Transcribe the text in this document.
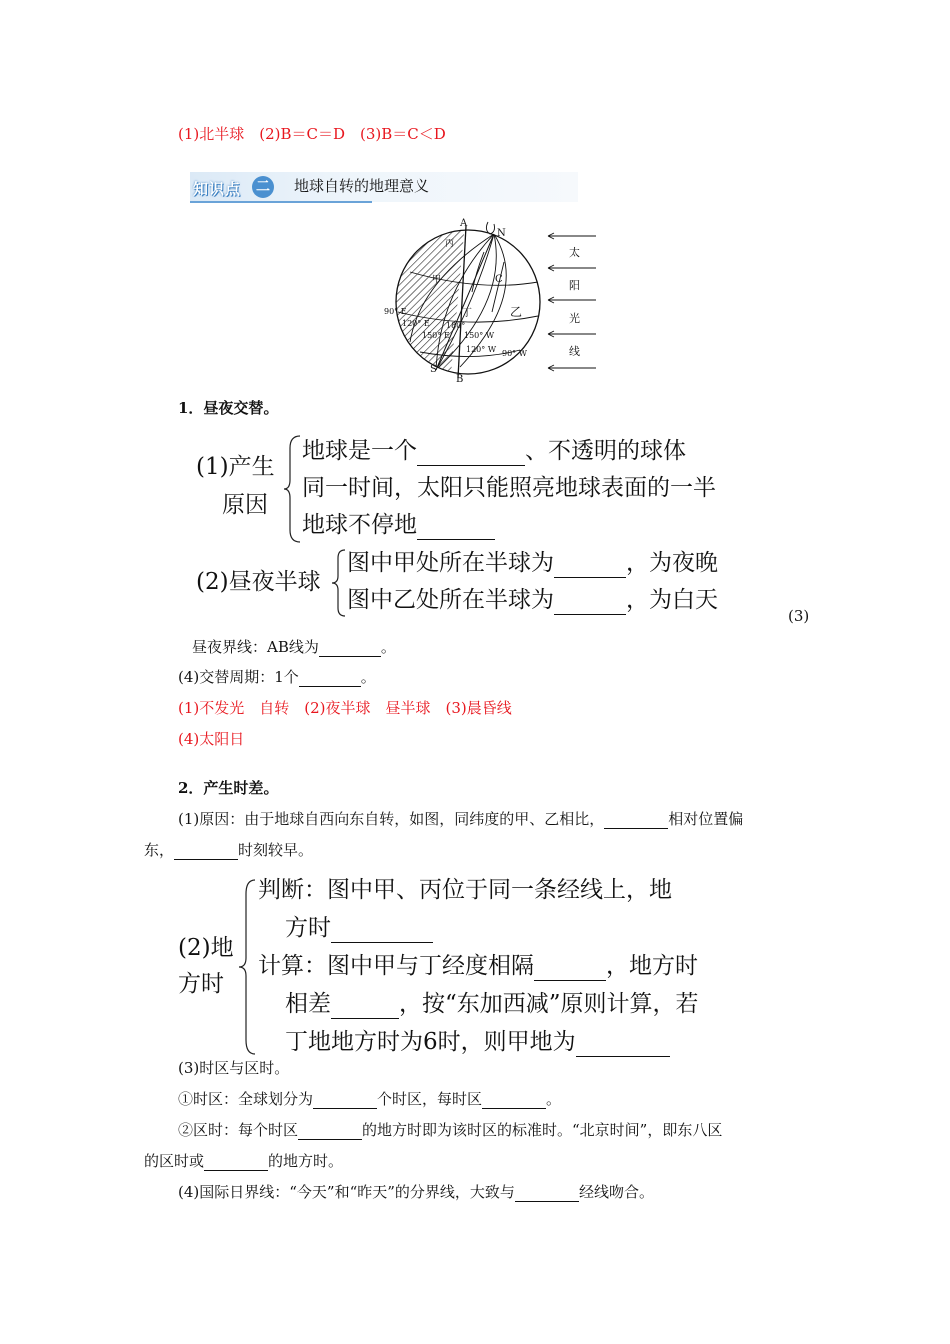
(1)北半球　(2)B＝C＝D　(3)B＝C＜D
知识点 二 地球自转的地理意义
A
N
C
S
B
丙
甲
丁	乙
90° E
120° E
150° E
180°
150° W
120° W 90° W
太
阳
光
线
1．昼夜交替。
(1)产生
原因
地球是一个	、不透明的球体
同一时间，太阳只能照亮地球表面的一半
地球不停地
(2)昼夜半球
图中甲处所在半球为	，为夜晚
图中乙处所在半球为	，为白天
(3)
昼夜界线：AB线为	。
(4)交替周期：1个	。
(1)不发光　自转　(2)夜半球　昼半球　(3)晨昏线
(4)太阳日
2．产生时差。
(1)原因：由于地球自西向东自转，如图，同纬度的甲、乙相比，	相对位置偏
东，	时刻较早。
(2)地
方时
判断：图中甲、丙位于同一条经线上，地
方时
计算：图中甲与丁经度相隔	，地方时
相差	，按“东加西减”原则计算，若
丁地地方时为6时，则甲地为
(3)时区与区时。
①时区：全球划分为	个时区，每时区	。
②区时：每个时区	的地方时即为该时区的标准时。“北京时间”，即东八区
的区时或	的地方时。
(4)国际日界线：“今天”和“昨天”的分界线，大致与	经线吻合。
